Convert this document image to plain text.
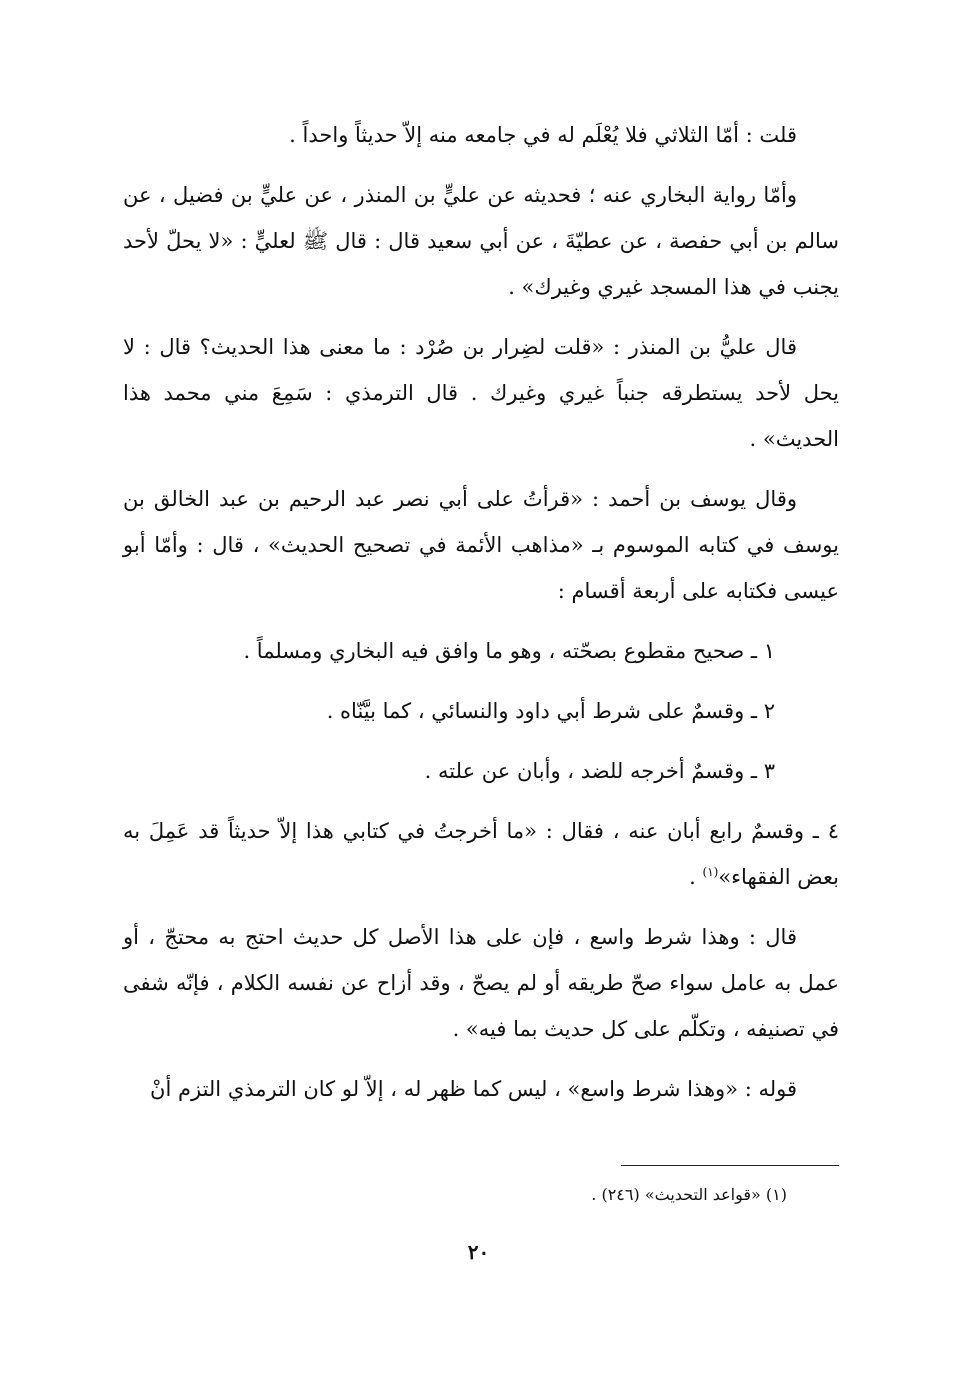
قلت : أمّا الثلاثي فلا يُعْلَم له في جامعه منه إلاّ حديثاً واحداً .

وأمّا رواية البخاري عنه ؛ فحديثه عن عليٍّ بن المنذر ، عن عليٍّ بن فضيل ، عن سالم بن أبي حفصة ، عن عطيّةَ ، عن أبي سعيد قال : قال ﷺ لعليٍّ : «لا يحلّ لأحد يجنب في هذا المسجد غيري وغيرك» .

قال عليُّ بن المنذر : «قلت لضِرار بن صُرْد : ما معنى هذا الحديث؟ قال : لا يحل لأحد يستطرقه جنباً غيري وغيرك . قال الترمذي : سَمِعَ مني محمد هذا الحديث» .

وقال يوسف بن أحمد : «قرأتُ على أبي نصر عبد الرحيم بن عبد الخالق بن يوسف في كتابه الموسوم بـ «مذاهب الأئمة في تصحيح الحديث» ، قال : وأمّا أبو عيسى فكتابه على أربعة أقسام :

١ ـ صحيح مقطوع بصحّته ، وهو ما وافق فيه البخاري ومسلماً .

٢ ـ وقسمٌ على شرط أبي داود والنسائي ، كما بيَّنّاه .

٣ ـ وقسمٌ أخرجه للضد ، وأبان عن علته .

٤ ـ وقسمٌ رابع أبان عنه ، فقال : «ما أخرجتُ في كتابي هذا إلاّ حديثاً قد عَمِلَ به بعض الفقهاء»$^{(١)}$ .

قال : وهذا شرط واسع ، فإن على هذا الأصل كل حديث احتج به محتجّ ، أو عمل به عامل سواء صحّ طريقه أو لم يصحّ ، وقد أزاح عن نفسه الكلام ، فإنّه شفى في تصنيفه ، وتكلّم على كل حديث بما فيه» .

قوله : «وهذا شرط واسع» ، ليس كما ظهر له ، إلاّ لو كان الترمذي التزم أنْ

(١) «قواعد التحديث» (٢٤٦) .
٢٠
